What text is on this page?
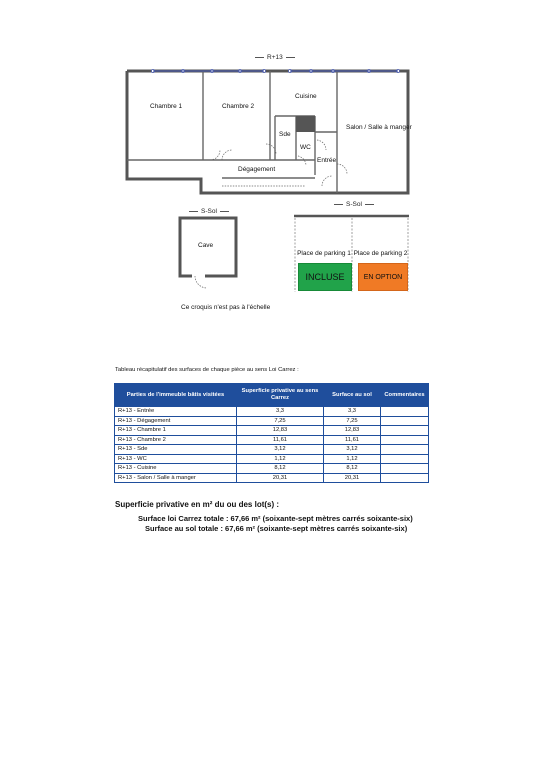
R+13
Chambre 1	Chambre 2
Cuisine
Salon / Salle à manger
Sde
WC
Entrée
Dégagement
S-Sol
Cave
S-Sol
Place de parking 1 Place de parking 2
INCLUSE	EN OPTION
Ce croquis n'est pas à l'échelle
Tableau récapitulatif des surfaces de chaque pièce au sens Loi Carrez :
Parties de l'immeuble bâtis visitées	Superficie privative au sens Carrez	Surface au sol	Commentaires
R+13 - Entrée	3,3	3,3	
R+13 - Dégagement	7,25	7,25	
R+13 - Chambre 1	12,83	12,83	
R+13 - Chambre 2	11,61	11,61	
R+13 - Sde	3,12	3,12	
R+13 - WC	1,12	1,12	
R+13 - Cuisine	8,12	8,12	
R+13 - Salon / Salle à manger	20,31	20,31	
Superficie privative en m² du ou des lot(s) :
Surface loi Carrez totale : 67,66 m² (soixante-sept mètres carrés soixante-six)
Surface au sol totale : 67,66 m² (soixante-sept mètres carrés soixante-six)
